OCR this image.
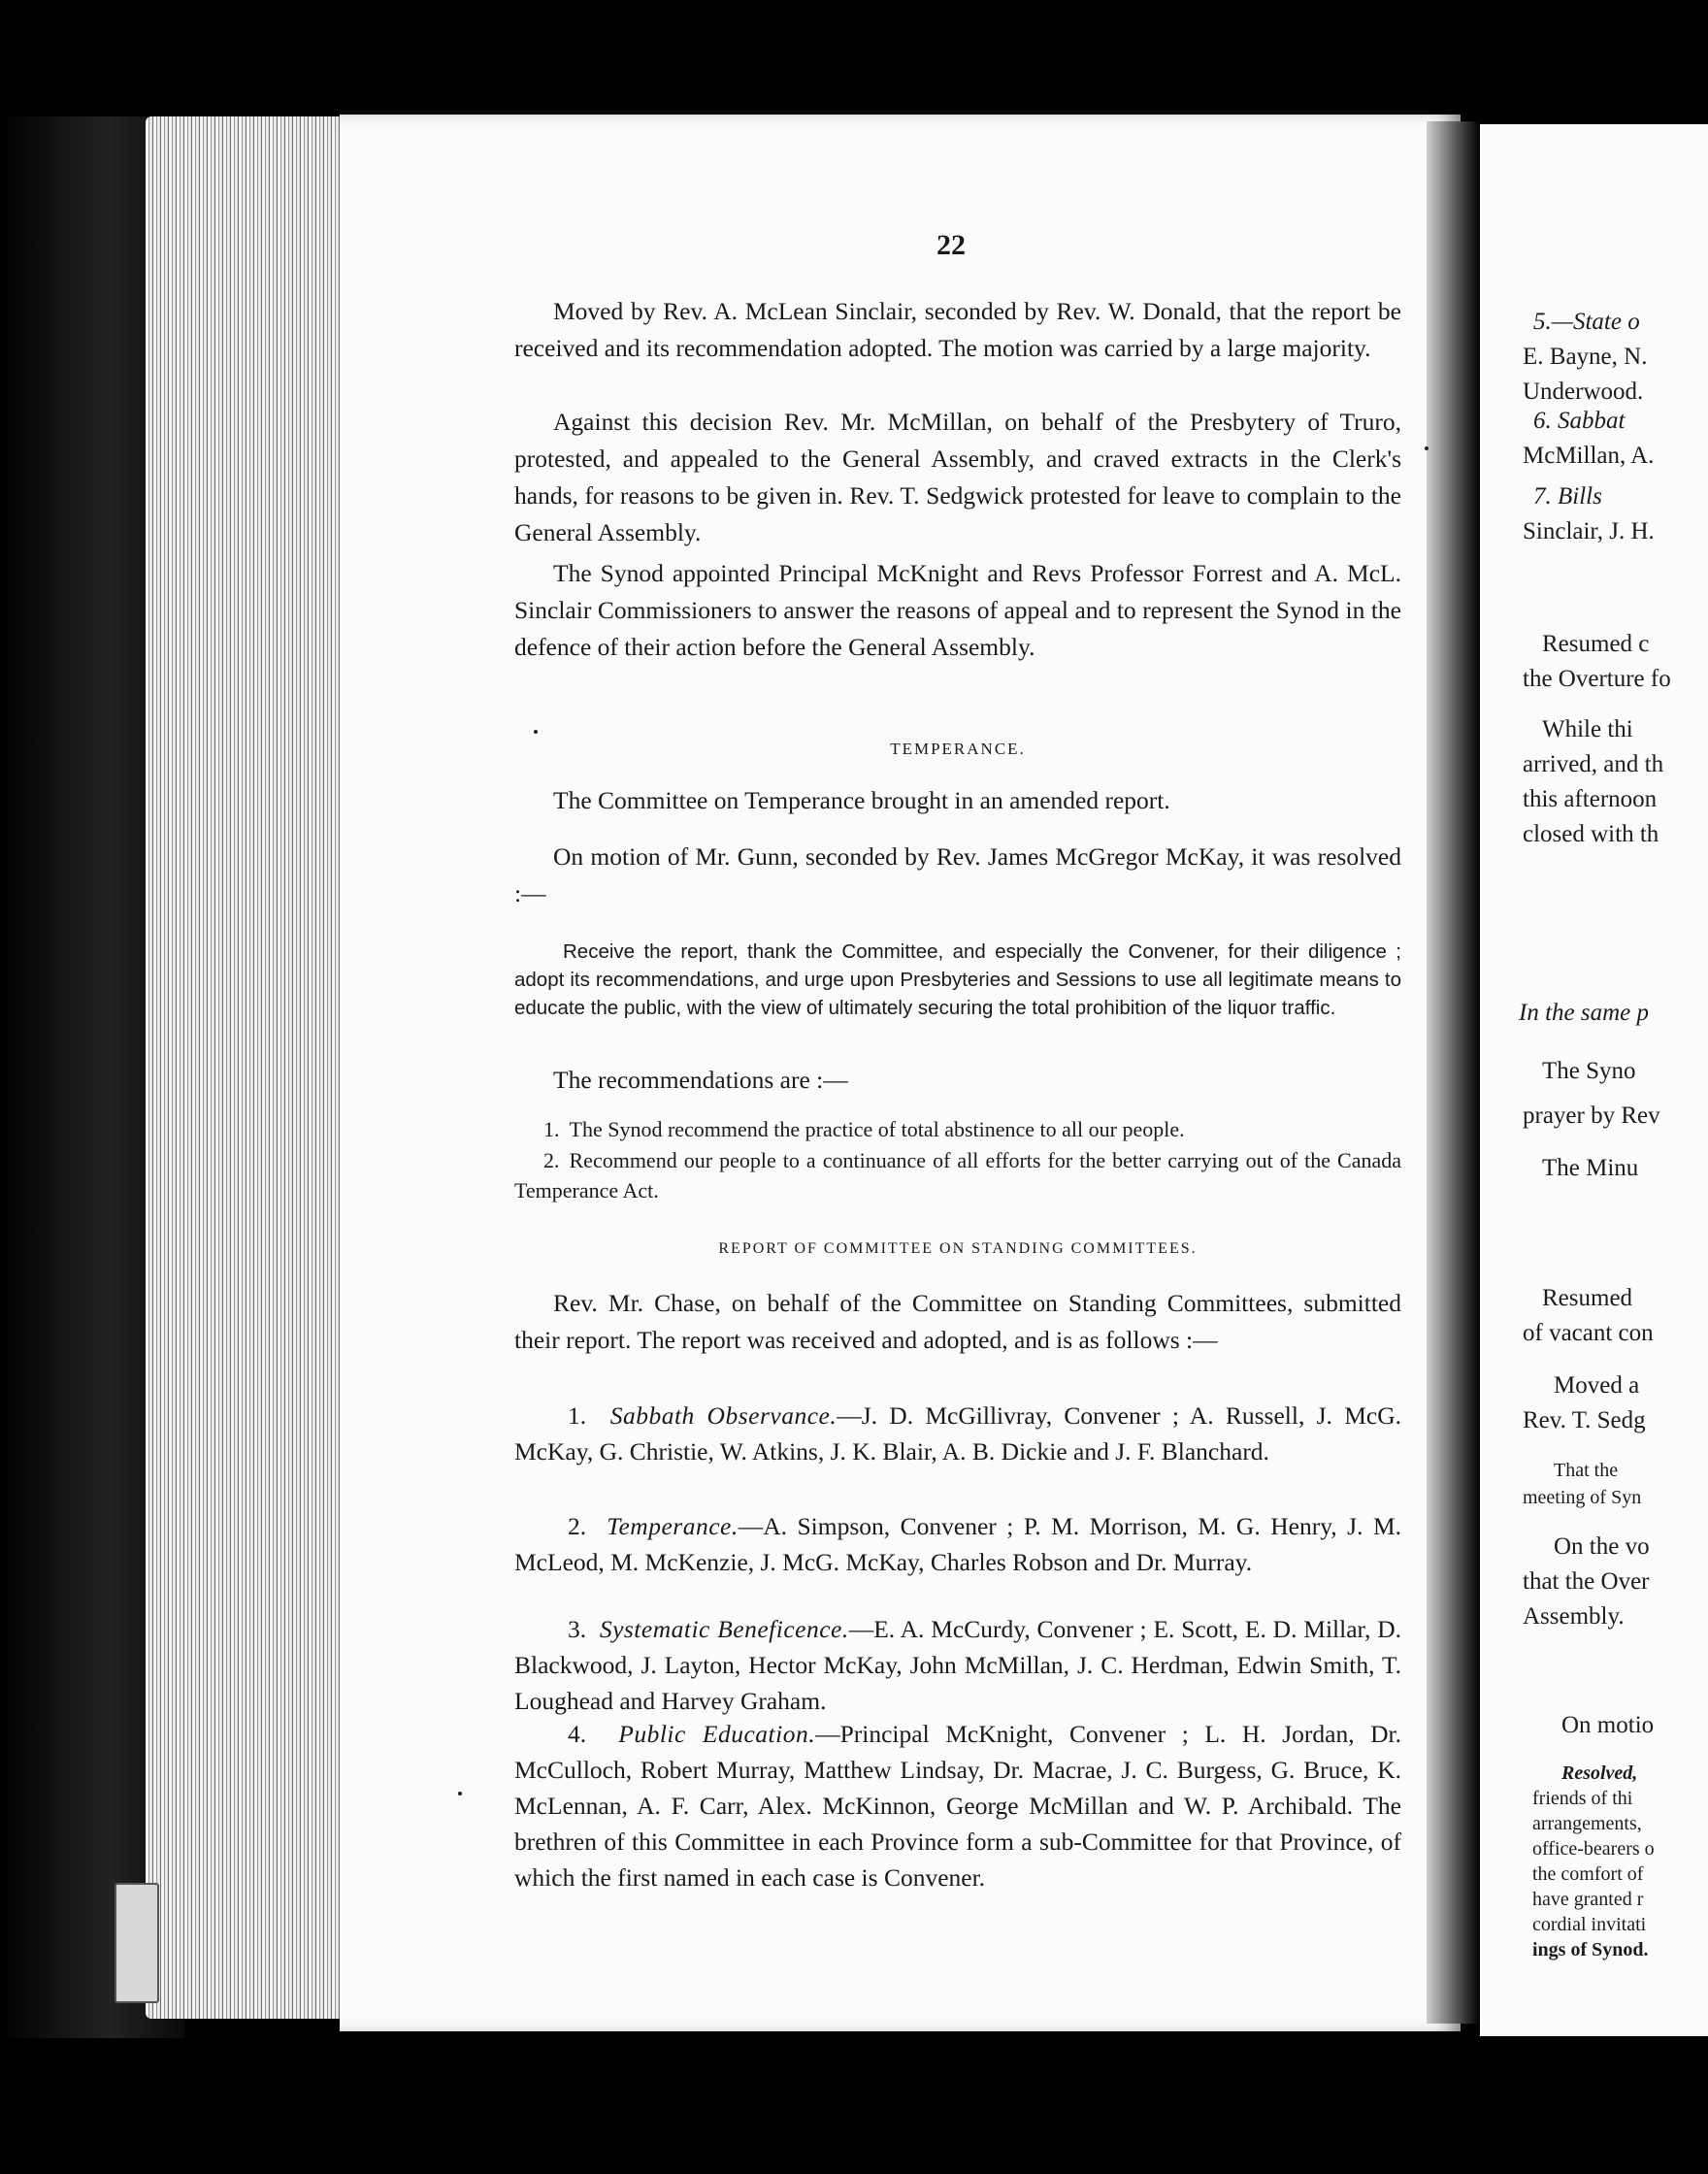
22

Moved by Rev. A. McLean Sinclair, seconded by Rev. W. Donald, that the report be received and its recommendation adopted. The motion was carried by a large majority.

Against this decision Rev. Mr. McMillan, on behalf of the Presbytery of Truro, protested, and appealed to the General Assembly, and craved extracts in the Clerk's hands, for reasons to be given in. Rev. T. Sedgwick protested for leave to complain to the General Assembly.

The Synod appointed Principal McKnight and Revs Professor Forrest and A. McL. Sinclair Commissioners to answer the reasons of appeal and to represent the Synod in the defence of their action before the General Assembly.

TEMPERANCE.

The Committee on Temperance brought in an amended report.

On motion of Mr. Gunn, seconded by Rev. James McGregor McKay, it was resolved :—

Receive the report, thank the Committee, and especially the Convener, for their diligence ; adopt its recommendations, and urge upon Presbyteries and Sessions to use all legitimate means to educate the public, with the view of ultimately securing the total prohibition of the liquor traffic.

The recommendations are :—

1. The Synod recommend the practice of total abstinence to all our people.

2. Recommend our people to a continuance of all efforts for the better carrying out of the Canada Temperance Act.

REPORT OF COMMITTEE ON STANDING COMMITTEES.

Rev. Mr. Chase, on behalf of the Committee on Standing Committees, submitted their report. The report was received and adopted, and is as follows :—

1. Sabbath Observance.—J. D. McGillivray, Convener ; A. Russell, J. McG. McKay, G. Christie, W. Atkins, J. K. Blair, A. B. Dickie and J. F. Blanchard.

2. Temperance.—A. Simpson, Convener ; P. M. Morrison, M. G. Henry, J. M. McLeod, M. McKenzie, J. McG. McKay, Charles Robson and Dr. Murray.

3. Systematic Beneficence.—E. A. McCurdy, Convener ; E. Scott, E. D. Millar, D. Blackwood, J. Layton, Hector McKay, John McMillan, J. C. Herdman, Edwin Smith, T. Loughead and Harvey Graham.

4. Public Education.—Principal McKnight, Convener ; L. H. Jordan, Dr. McCulloch, Robert Murray, Matthew Lindsay, Dr. Macrae, J. C. Burgess, G. Bruce, K. McLennan, A. F. Carr, Alex. McKinnon, George McMillan and W. P. Archibald. The brethren of this Committee in each Province form a sub-Committee for that Province, of which the first named in each case is Convener.

5.—State o
E. Bayne, N.
Underwood.
6. Sabbat
McMillan, A.
7. Bills
Sinclair, J. H.
Resumed c
the Overture fo
While thi
arrived, and th
this afternoon
closed with th
In the same p
The Syno
prayer by Rev
The Minu
Resumed
of vacant con
Moved a
Rev. T. Sedg
That the
meeting of Syn
On the vo
that the Over
Assembly.
On motio
Resolved,
friends of thi
arrangements,
office-bearers o
the comfort of
have granted r
cordial invitati
ings of Synod.
